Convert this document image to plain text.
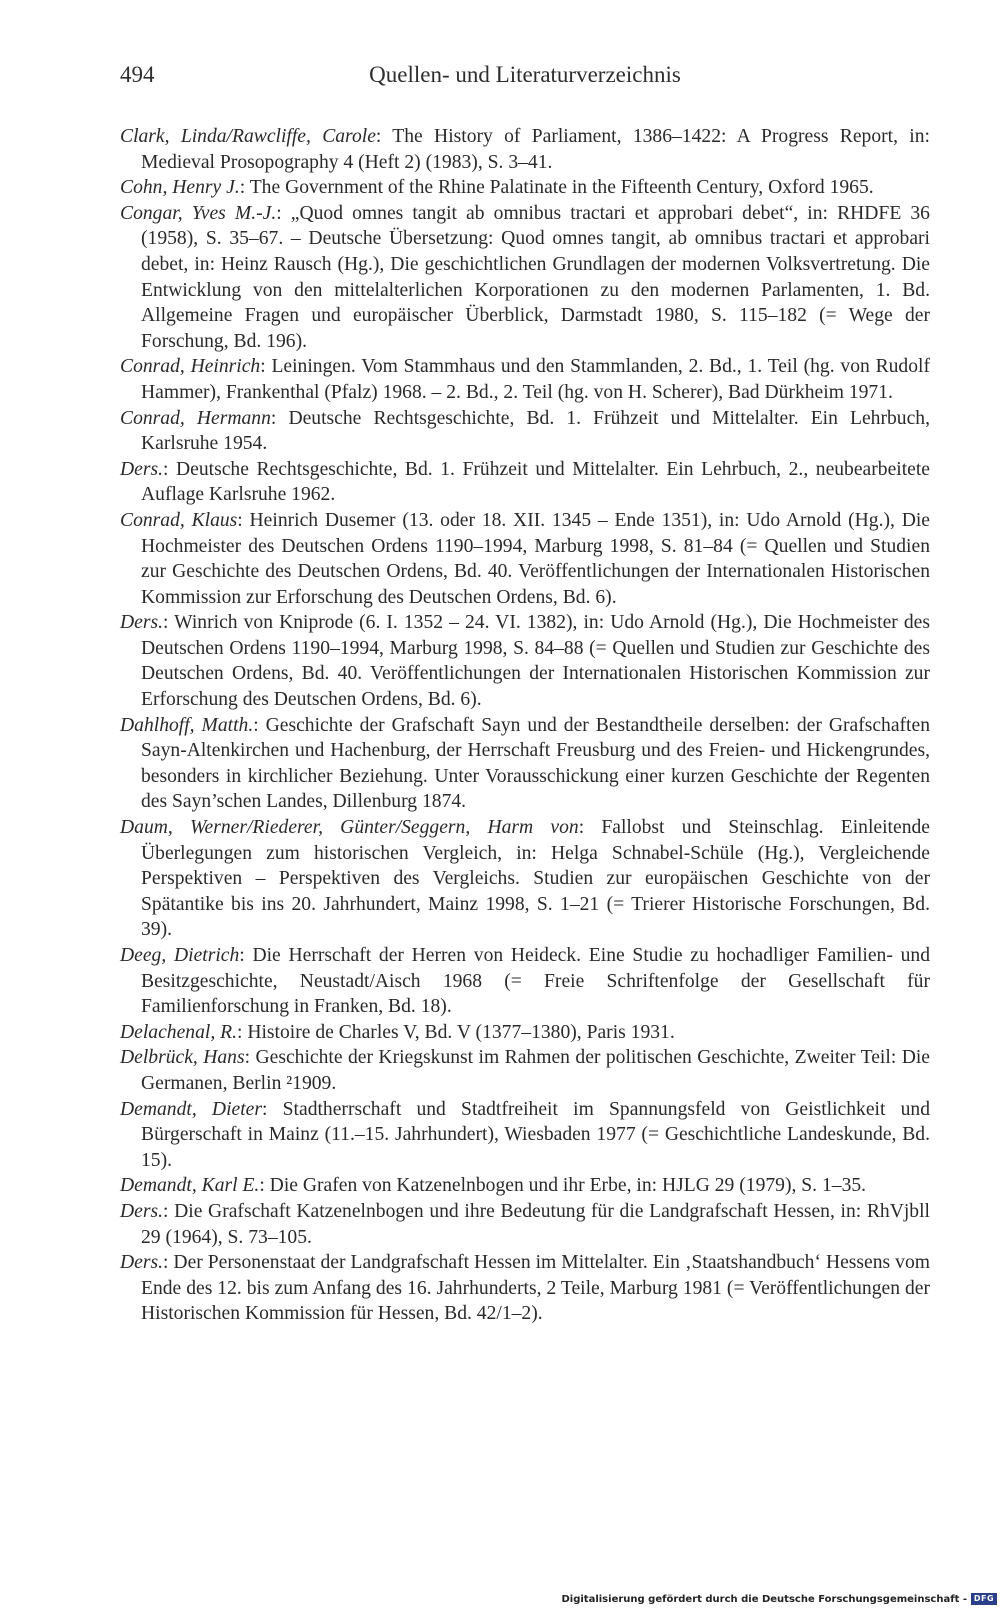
494	Quellen- und Literaturverzeichnis

Clark, Linda/Rawcliffe, Carole: The History of Parliament, 1386–1422: A Progress Report, in: Medieval Prosopography 4 (Heft 2) (1983), S. 3–41.

Cohn, Henry J.: The Government of the Rhine Palatinate in the Fifteenth Century, Oxford 1965.

Congar, Yves M.-J.: „Quod omnes tangit ab omnibus tractari et approbari debet“, in: RHDFE 36 (1958), S. 35–67. – Deutsche Übersetzung: Quod omnes tangit, ab omnibus tractari et approbari debet, in: Heinz Rausch (Hg.), Die geschichtlichen Grundlagen der modernen Volksvertretung. Die Entwicklung von den mittelalterlichen Korporationen zu den modernen Parlamenten, 1. Bd. Allgemeine Fragen und europäischer Überblick, Darmstadt 1980, S. 115–182 (= Wege der Forschung, Bd. 196).

Conrad, Heinrich: Leiningen. Vom Stammhaus und den Stammlanden, 2. Bd., 1. Teil (hg. von Rudolf Hammer), Frankenthal (Pfalz) 1968. – 2. Bd., 2. Teil (hg. von H. Scherer), Bad Dürkheim 1971.

Conrad, Hermann: Deutsche Rechtsgeschichte, Bd. 1. Frühzeit und Mittelalter. Ein Lehrbuch, Karlsruhe 1954.

Ders.: Deutsche Rechtsgeschichte, Bd. 1. Frühzeit und Mittelalter. Ein Lehrbuch, 2., neubearbeitete Auflage Karlsruhe 1962.

Conrad, Klaus: Heinrich Dusemer (13. oder 18. XII. 1345 – Ende 1351), in: Udo Arnold (Hg.), Die Hochmeister des Deutschen Ordens 1190–1994, Marburg 1998, S. 81–84 (= Quellen und Studien zur Geschichte des Deutschen Ordens, Bd. 40. Veröffentlichungen der Internationalen Historischen Kommission zur Erforschung des Deutschen Ordens, Bd. 6).

Ders.: Winrich von Kniprode (6. I. 1352 – 24. VI. 1382), in: Udo Arnold (Hg.), Die Hochmeister des Deutschen Ordens 1190–1994, Marburg 1998, S. 84–88 (= Quellen und Studien zur Geschichte des Deutschen Ordens, Bd. 40. Veröffentlichungen der Internationalen Historischen Kommission zur Erforschung des Deutschen Ordens, Bd. 6).

Dahlhoff, Matth.: Geschichte der Grafschaft Sayn und der Bestandtheile derselben: der Grafschaften Sayn-Altenkirchen und Hachenburg, der Herrschaft Freusburg und des Freien- und Hickengrundes, besonders in kirchlicher Beziehung. Unter Vorausschickung einer kurzen Geschichte der Regenten des Sayn’schen Landes, Dillenburg 1874.

Daum, Werner/Riederer, Günter/Seggern, Harm von: Fallobst und Steinschlag. Einleitende Überlegungen zum historischen Vergleich, in: Helga Schnabel-Schüle (Hg.), Vergleichende Perspektiven – Perspektiven des Vergleichs. Studien zur europäischen Geschichte von der Spätantike bis ins 20. Jahrhundert, Mainz 1998, S. 1–21 (= Trierer Historische Forschungen, Bd. 39).

Deeg, Dietrich: Die Herrschaft der Herren von Heideck. Eine Studie zu hochadliger Familien- und Besitzgeschichte, Neustadt/Aisch 1968 (= Freie Schriftenfolge der Gesellschaft für Familienforschung in Franken, Bd. 18).

Delachenal, R.: Histoire de Charles V, Bd. V (1377–1380), Paris 1931.

Delbrück, Hans: Geschichte der Kriegskunst im Rahmen der politischen Geschichte, Zweiter Teil: Die Germanen, Berlin ²1909.

Demandt, Dieter: Stadtherrschaft und Stadtfreiheit im Spannungsfeld von Geistlichkeit und Bürgerschaft in Mainz (11.–15. Jahrhundert), Wiesbaden 1977 (= Geschichtliche Landeskunde, Bd. 15).

Demandt, Karl E.: Die Grafen von Katzenelnbogen und ihr Erbe, in: HJLG 29 (1979), S. 1–35.

Ders.: Die Grafschaft Katzenelnbogen und ihre Bedeutung für die Landgrafschaft Hessen, in: RhVjbll 29 (1964), S. 73–105.

Ders.: Der Personenstaat der Landgrafschaft Hessen im Mittelalter. Ein ‚Staatshandbuch‘ Hessens vom Ende des 12. bis zum Anfang des 16. Jahrhunderts, 2 Teile, Marburg 1981 (= Veröffentlichungen der Historischen Kommission für Hessen, Bd. 42/1–2).

Digitalisierung gefördert durch die Deutsche Forschungsgemeinschaft - DFG
